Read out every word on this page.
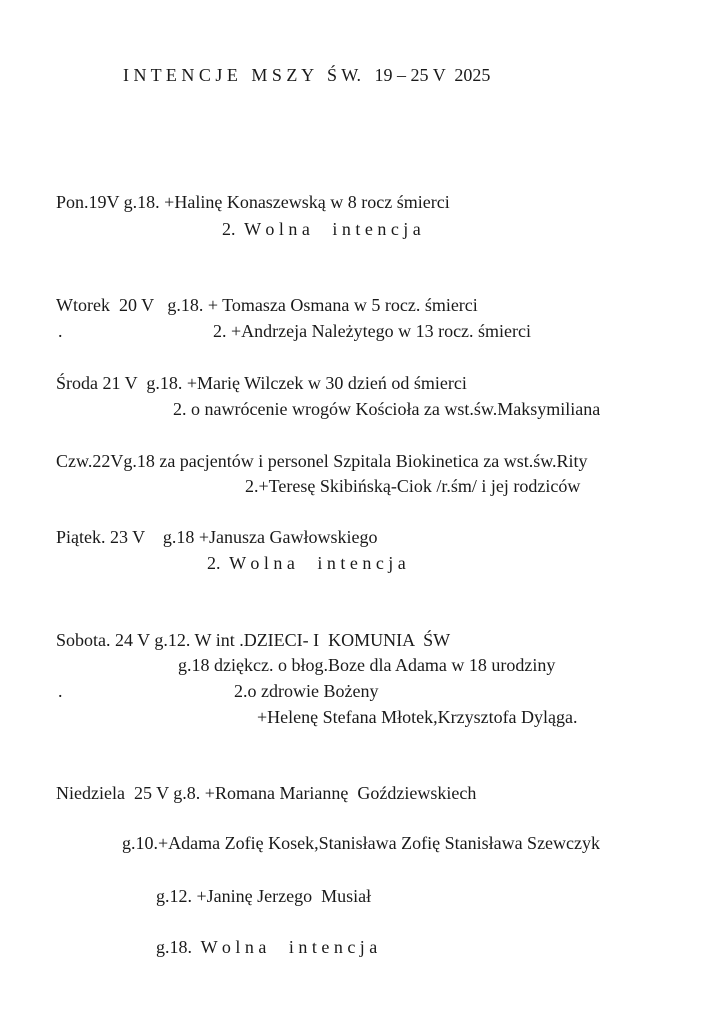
I N T E N C J E   M S Z Y   Ś W.   19 – 25 V  2025
Pon.19V g.18. +Halinę Konaszewską w 8 rocz śmierci
2.  W o l n a     i n t e n c j a
Wtorek  20 V   g.18. + Tomasza Osmana w 5 rocz. śmierci
.	2. +Andrzeja Należytego w 13 rocz. śmierci
Środa 21 V  g.18. +Marię Wilczek w 30 dzień od śmierci
2. o nawrócenie wrogów Kościoła za wst.św.Maksymiliana
Czw.22Vg.18 za pacjentów i personel Szpitala Biokinetica za wst.św.Rity
2.+Teresę Skibińską-Ciok /r.śm/ i jej rodziców
Piątek. 23 V    g.18 +Janusza Gawłowskiego
2.  W o l n a     i n t e n c j a
Sobota. 24 V g.12. W int .DZIECI- I  KOMUNIA  ŚW
g.18 dziękcz. o błog.Boze dla Adama w 18 urodziny
.	2.o zdrowie Bożeny
+Helenę Stefana Młotek,Krzysztofa Dyląga.
Niedziela  25 V g.8. +Romana Mariannę  Goździewskiech
g.10.+Adama Zofię Kosek,Stanisława Zofię Stanisława Szewczyk
g.12. +Janinę Jerzego  Musiał
g.18.  W o l n a     i n t e n c j a
